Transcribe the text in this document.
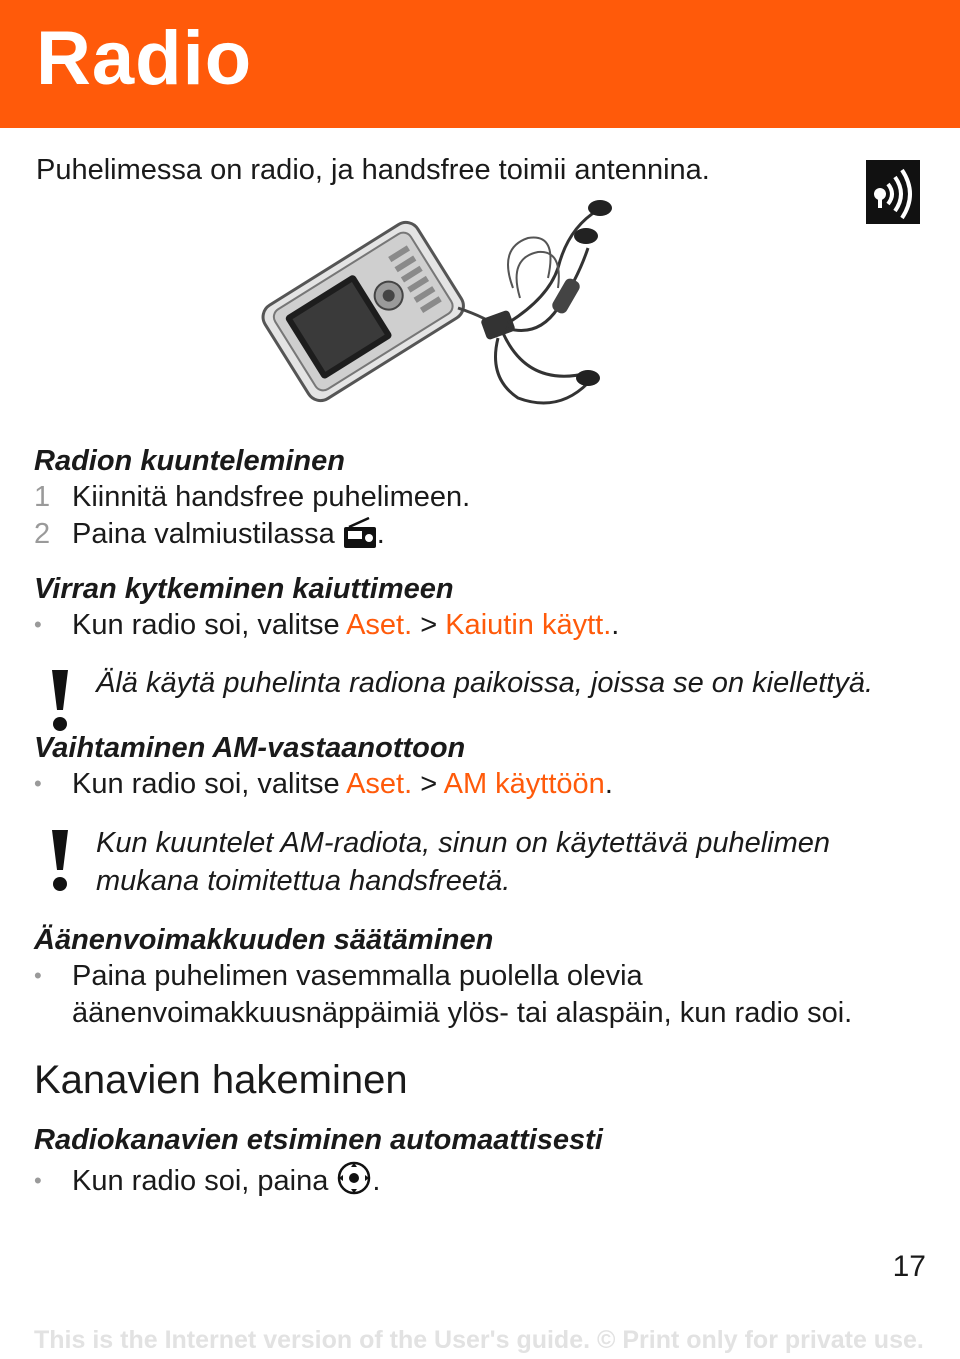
Radio

Puhelimessa on radio, ja handsfree toimii antennina.

Radion kuunteleminen
1 Kiinnitä handsfree puhelimeen.
2 Paina valmiustilassa .
Virran kytkeminen kaiuttimeen
• Kun radio soi, valitse Aset. > Kaiutin käytt..

Älä käytä puhelinta radiona paikoissa, joissa se on kiellettyä.

Vaihtaminen AM-vastaanottoon
• Kun radio soi, valitse Aset. > AM käyttöön.

Kun kuuntelet AM-radiota, sinun on käytettävä puhelimen

mukana toimitettua handsfreetä.

Äänenvoimakkuuden säätäminen
• Paina puhelimen vasemmalla puolella olevia
äänenvoimakkuusnäppäimiä ylös- tai alaspäin, kun radio soi.
Kanavien hakeminen
Radiokanavien etsiminen automaattisesti
• Kun radio soi, paina .
17
This is the Internet version of the User's guide. © Print only for private use.
